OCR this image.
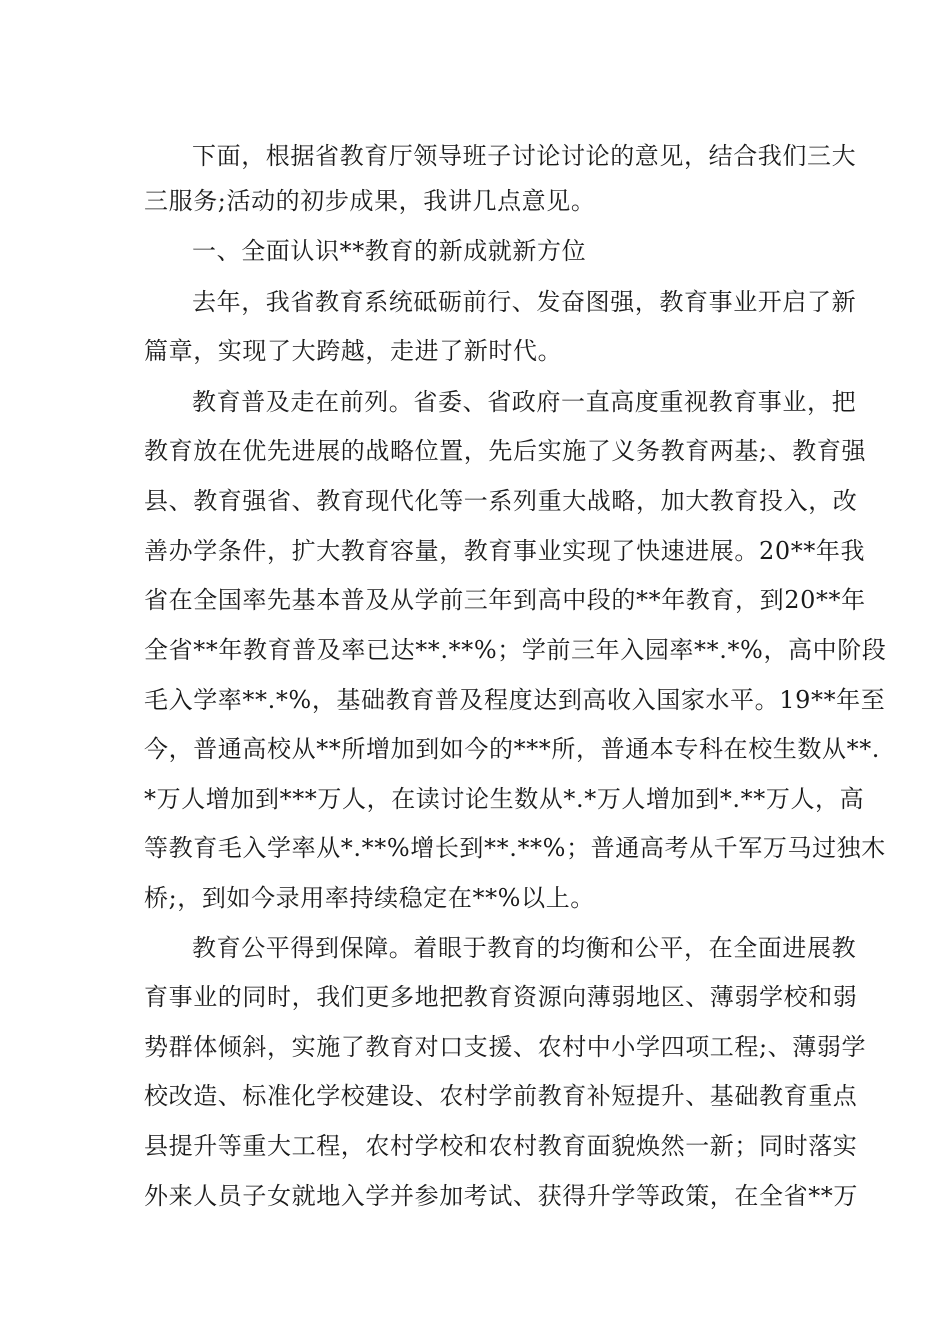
下面，根据省教育厅领导班子讨论讨论的意见，结合我们三大
三服务;活动的初步成果，我讲几点意见。
一、全面认识**教育的新成就新方位
去年，我省教育系统砥砺前行、发奋图强，教育事业开启了新
篇章，实现了大跨越，走进了新时代。
教育普及走在前列。省委、省政府一直高度重视教育事业，把
教育放在优先进展的战略位置，先后实施了义务教育两基;、教育强
县、教育强省、教育现代化等一系列重大战略，加大教育投入，改
善办学条件，扩大教育容量，教育事业实现了快速进展。20**年我
省在全国率先基本普及从学前三年到高中段的**年教育，到20**年
全省**年教育普及率已达**.**%；学前三年入园率**.*%，高中阶段
毛入学率**.*%，基础教育普及程度达到高收入国家水平。19**年至
今，普通高校从**所增加到如今的***所，普通本专科在校生数从**.
*万人增加到***万人，在读讨论生数从*.*万人增加到*.**万人，高
等教育毛入学率从*.**%增长到**.**%；普通高考从千军万马过独木
桥;，到如今录用率持续稳定在**%以上。
教育公平得到保障。着眼于教育的均衡和公平，在全面进展教
育事业的同时，我们更多地把教育资源向薄弱地区、薄弱学校和弱
势群体倾斜，实施了教育对口支援、农村中小学四项工程;、薄弱学
校改造、标准化学校建设、农村学前教育补短提升、基础教育重点
县提升等重大工程，农村学校和农村教育面貌焕然一新；同时落实
外来人员子女就地入学并参加考试、获得升学等政策，在全省**万
